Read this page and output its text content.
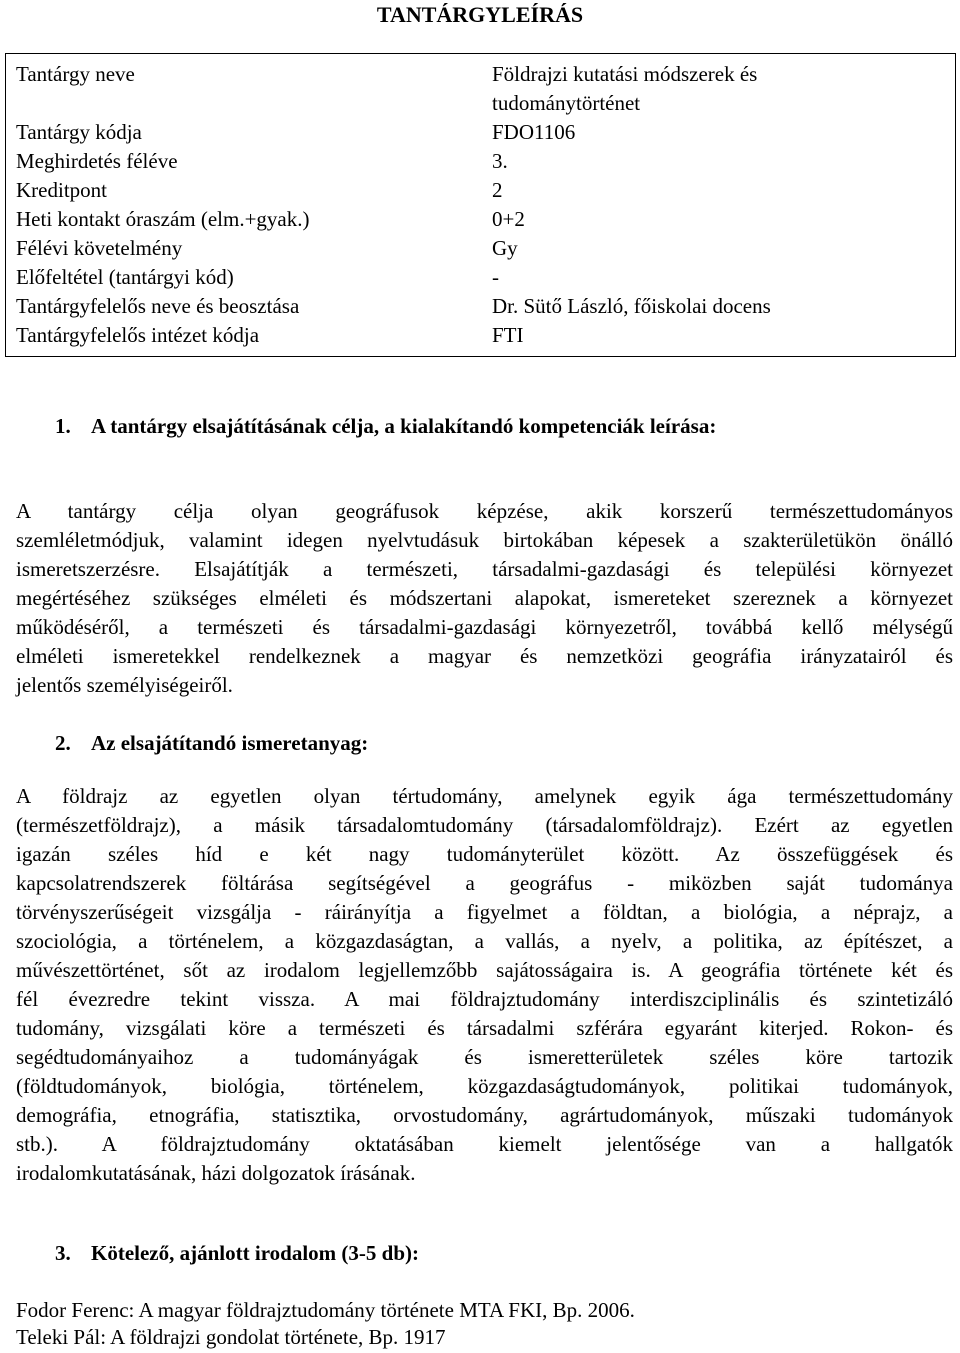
TANTÁRGYLEÍRÁS
Tantárgy neve	Földrajzi kutatási módszerek és
tudománytörténet
Tantárgy kódja	FDO1106
Meghirdetés féléve	3.
Kreditpont	2
Heti kontakt óraszám (elm.+gyak.)	0+2
Félévi követelmény	Gy
Előfeltétel (tantárgyi kód)	-
Tantárgyfelelős neve és beosztása	Dr. Sütő László, főiskolai docens
Tantárgyfelelős intézet kódja	FTI
1. A tantárgy elsajátításának célja, a kialakítandó kompetenciák leírása:
A tantárgy célja olyan geográfusok képzése, akik korszerű természettudományos
szemléletmódjuk, valamint idegen nyelvtudásuk birtokában képesek a szakterületükön önálló
ismeretszerzésre. Elsajátítják a természeti, társadalmi-gazdasági és települési környezet
megértéséhez szükséges elméleti és módszertani alapokat, ismereteket szereznek a környezet
működéséről, a természeti és társadalmi-gazdasági környezetről, továbbá kellő mélységű
elméleti ismeretekkel rendelkeznek a magyar és nemzetközi geográfia irányzatairól és
jelentős személyiségeiről.
2. Az elsajátítandó ismeretanyag:
A földrajz az egyetlen olyan tértudomány, amelynek egyik ága természettudomány
(természetföldrajz), a másik társadalomtudomány (társadalomföldrajz). Ezért az egyetlen
igazán széles híd e két nagy tudományterület között. Az összefüggések és
kapcsolatrendszerek föltárása segítségével a geográfus - miközben saját tudománya
törvényszerűségeit vizsgálja - ráirányítja a figyelmet a földtan, a biológia, a néprajz, a
szociológia, a történelem, a közgazdaságtan, a vallás, a nyelv, a politika, az építészet, a
művészettörténet, sőt az irodalom legjellemzőbb sajátosságaira is. A geográfia története két és
fél évezredre tekint vissza. A mai földrajztudomány interdiszciplinális és szintetizáló
tudomány, vizsgálati köre a természeti és társadalmi szférára egyaránt kiterjed. Rokon- és
segédtudományaihoz a tudományágak és ismeretterületek széles köre tartozik
(földtudományok, biológia, történelem, közgazdaságtudományok, politikai tudományok,
demográfia, etnográfia, statisztika, orvostudomány, agrártudományok, műszaki tudományok
stb.). A földrajztudomány oktatásában kiemelt jelentősége van a hallgatók
irodalomkutatásának, házi dolgozatok írásának.
3. Kötelező, ajánlott irodalom (3-5 db):
Fodor Ferenc: A magyar földrajztudomány története MTA FKI, Bp. 2006.
Teleki Pál: A földrajzi gondolat története, Bp. 1917
